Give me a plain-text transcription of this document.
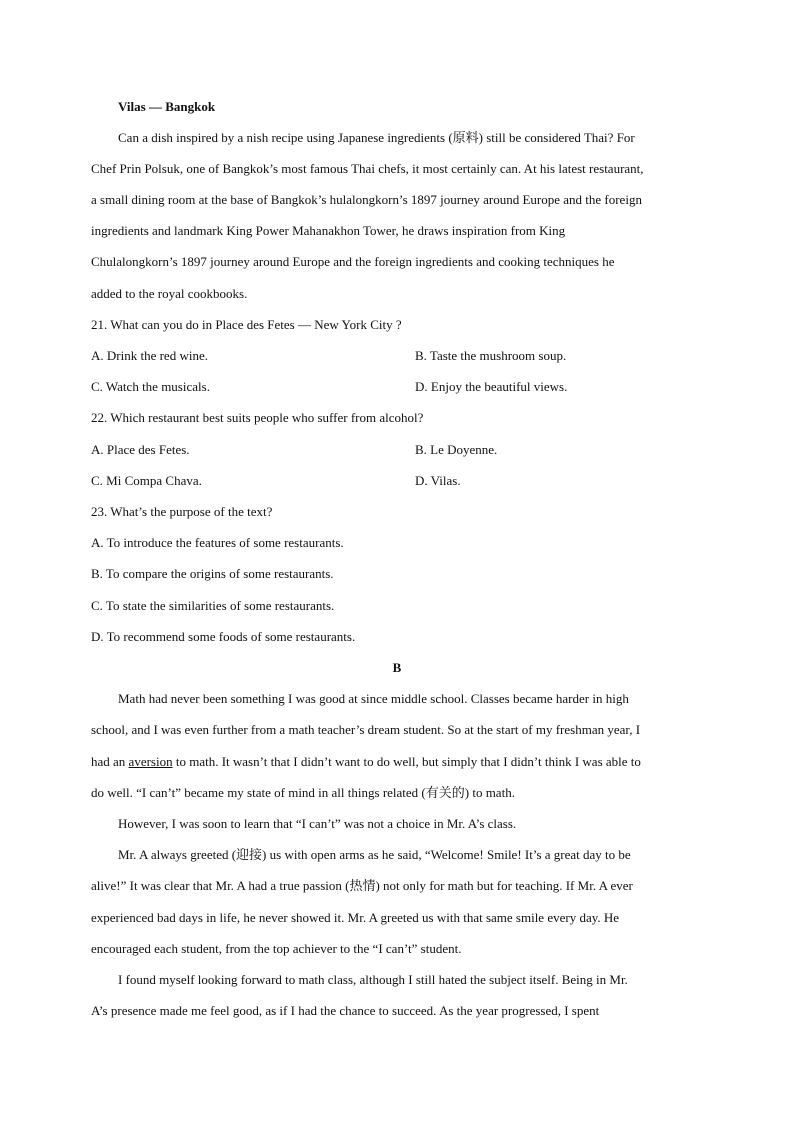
Vilas — Bangkok
Can a dish inspired by a nish recipe using Japanese ingredients (原料) still be considered Thai? For
Chef Prin Polsuk, one of Bangkok’s most famous Thai chefs, it most certainly can. At his latest restaurant,
a small dining room at the base of Bangkok’s hulalongkorn’s 1897 journey around Europe and the foreign
ingredients and landmark King Power Mahanakhon Tower, he draws inspiration from King
Chulalongkorn’s 1897 journey around Europe and the foreign ingredients and cooking techniques he
added to the royal cookbooks.
21. What can you do in Place des Fetes — New York City ?
A. Drink the red wine.	B. Taste the mushroom soup.
C. Watch the musicals.	D. Enjoy the beautiful views.
22. Which restaurant best suits people who suffer from alcohol?
A. Place des Fetes.	B. Le Doyenne.
C. Mi Compa Chava.	D. Vilas.
23. What’s the purpose of the text?
A. To introduce the features of some restaurants.
B. To compare the origins of some restaurants.
C. To state the similarities of some restaurants.
D. To recommend some foods of some restaurants.
B
Math had never been something I was good at since middle school. Classes became harder in high
school, and I was even further from a math teacher’s dream student. So at the start of my freshman year, I
had an aversion to math. It wasn’t that I didn’t want to do well, but simply that I didn’t think I was able to
do well. “I can’t” became my state of mind in all things related (有关的) to math.
However, I was soon to learn that “I can’t” was not a choice in Mr. A’s class.
Mr. A always greeted (迎接) us with open arms as he said, “Welcome! Smile! It’s a great day to be
alive!” It was clear that Mr. A had a true passion (热情) not only for math but for teaching. If Mr. A ever
experienced bad days in life, he never showed it. Mr. A greeted us with that same smile every day. He
encouraged each student, from the top achiever to the “I can’t” student.
I found myself looking forward to math class, although I still hated the subject itself. Being in Mr.
A’s presence made me feel good, as if I had the chance to succeed. As the year progressed, I spent
